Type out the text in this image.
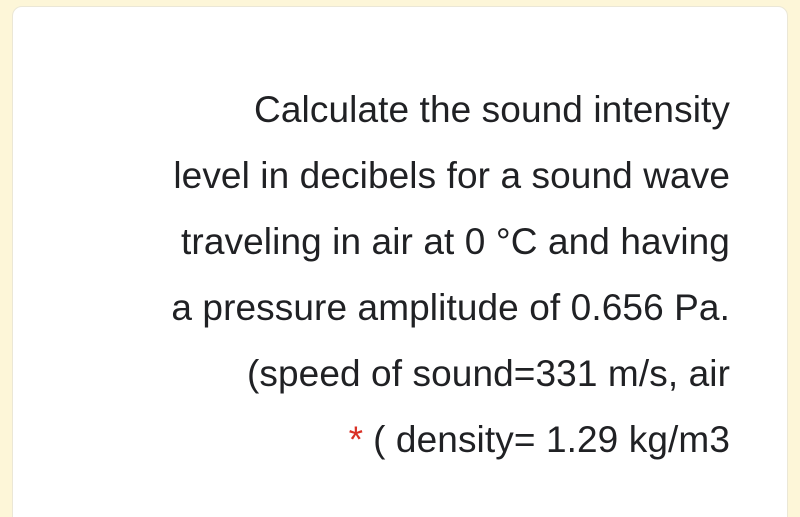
Calculate the sound intensity
level in decibels for a sound wave
traveling in air at 0 °C and having
a pressure amplitude of 0.656 Pa.
(speed of sound=331 m/s, air
* ( density= 1.29 kg/m3
